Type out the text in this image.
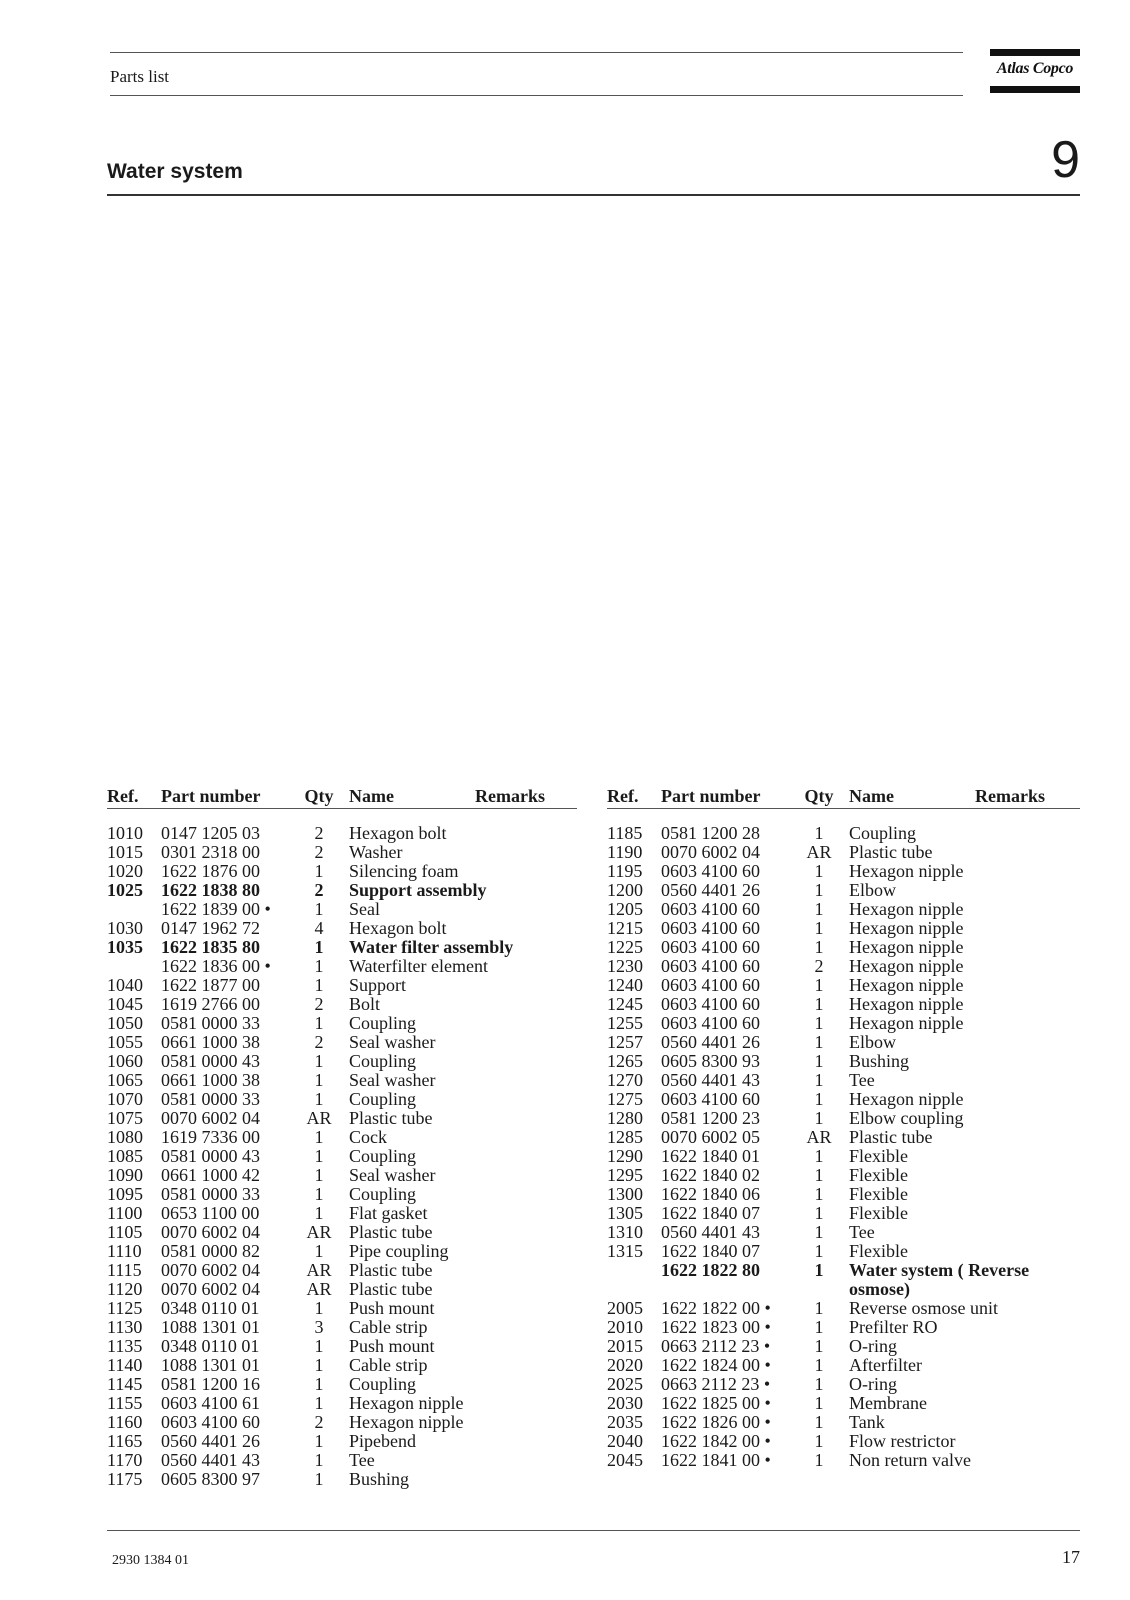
Parts list	Atlas Copco
Water system	9
Ref. Part number Qty Name	Remarks
1010 0147 1205 03	2	Hexagon bolt
1015 0301 2318 00	2	Washer
1020 1622 1876 00	1	Silencing foam
1025 1622 1838 80	2	Support assembly
1622 1839 00 •	1	Seal
1030 0147 1962 72	4	Hexagon bolt
1035 1622 1835 80	1	Water filter assembly
1622 1836 00 •	1	Waterfilter element
1040 1622 1877 00	1	Support
1045 1619 2766 00	2	Bolt
1050 0581 0000 33	1	Coupling
1055 0661 1000 38	2	Seal washer
1060 0581 0000 43	1	Coupling
1065 0661 1000 38	1	Seal washer
1070 0581 0000 33	1	Coupling
1075 0070 6002 04	AR Plastic tube
1080 1619 7336 00	1	Cock
1085 0581 0000 43	1	Coupling
1090 0661 1000 42	1	Seal washer
1095 0581 0000 33	1	Coupling
1100 0653 1100 00	1	Flat gasket
1105 0070 6002 04	AR Plastic tube
1110 0581 0000 82	1	Pipe coupling
1115 0070 6002 04	AR Plastic tube
1120 0070 6002 04	AR Plastic tube
1125 0348 0110 01	1	Push mount
1130 1088 1301 01	3	Cable strip
1135 0348 0110 01	1	Push mount
1140 1088 1301 01	1	Cable strip
1145 0581 1200 16	1	Coupling
1155 0603 4100 61	1	Hexagon nipple
1160 0603 4100 60	2	Hexagon nipple
1165 0560 4401 26	1	Pipebend
1170 0560 4401 43	1	Tee
1175 0605 8300 97	1	Bushing
Ref. Part number Qty Name	Remarks
1185 0581 1200 28	1	Coupling
1190 0070 6002 04	AR Plastic tube
1195 0603 4100 60	1	Hexagon nipple
1200 0560 4401 26	1	Elbow
1205 0603 4100 60	1	Hexagon nipple
1215 0603 4100 60	1	Hexagon nipple
1225 0603 4100 60	1	Hexagon nipple
1230 0603 4100 60	2	Hexagon nipple
1240 0603 4100 60	1	Hexagon nipple
1245 0603 4100 60	1	Hexagon nipple
1255 0603 4100 60	1	Hexagon nipple
1257 0560 4401 26	1	Elbow
1265 0605 8300 93	1	Bushing
1270 0560 4401 43	1	Tee
1275 0603 4100 60	1	Hexagon nipple
1280 0581 1200 23	1	Elbow coupling
1285 0070 6002 05	AR Plastic tube
1290 1622 1840 01	1	Flexible
1295 1622 1840 02	1	Flexible
1300 1622 1840 06	1	Flexible
1305 1622 1840 07	1	Flexible
1310 0560 4401 43	1	Tee
1315 1622 1840 07	1	Flexible
1622 1822 80	1	Water system ( Reverse
osmose)
2005 1622 1822 00 •	1	Reverse osmose unit
2010 1622 1823 00 •	1	Prefilter RO
2015 0663 2112 23 •	1	O-ring
2020 1622 1824 00 •	1	Afterfilter
2025 0663 2112 23 •	1	O-ring
2030 1622 1825 00 •	1	Membrane
2035 1622 1826 00 •	1	Tank
2040 1622 1842 00 •	1	Flow restrictor
2045 1622 1841 00 •	1	Non return valve
2930 1384 01	17
